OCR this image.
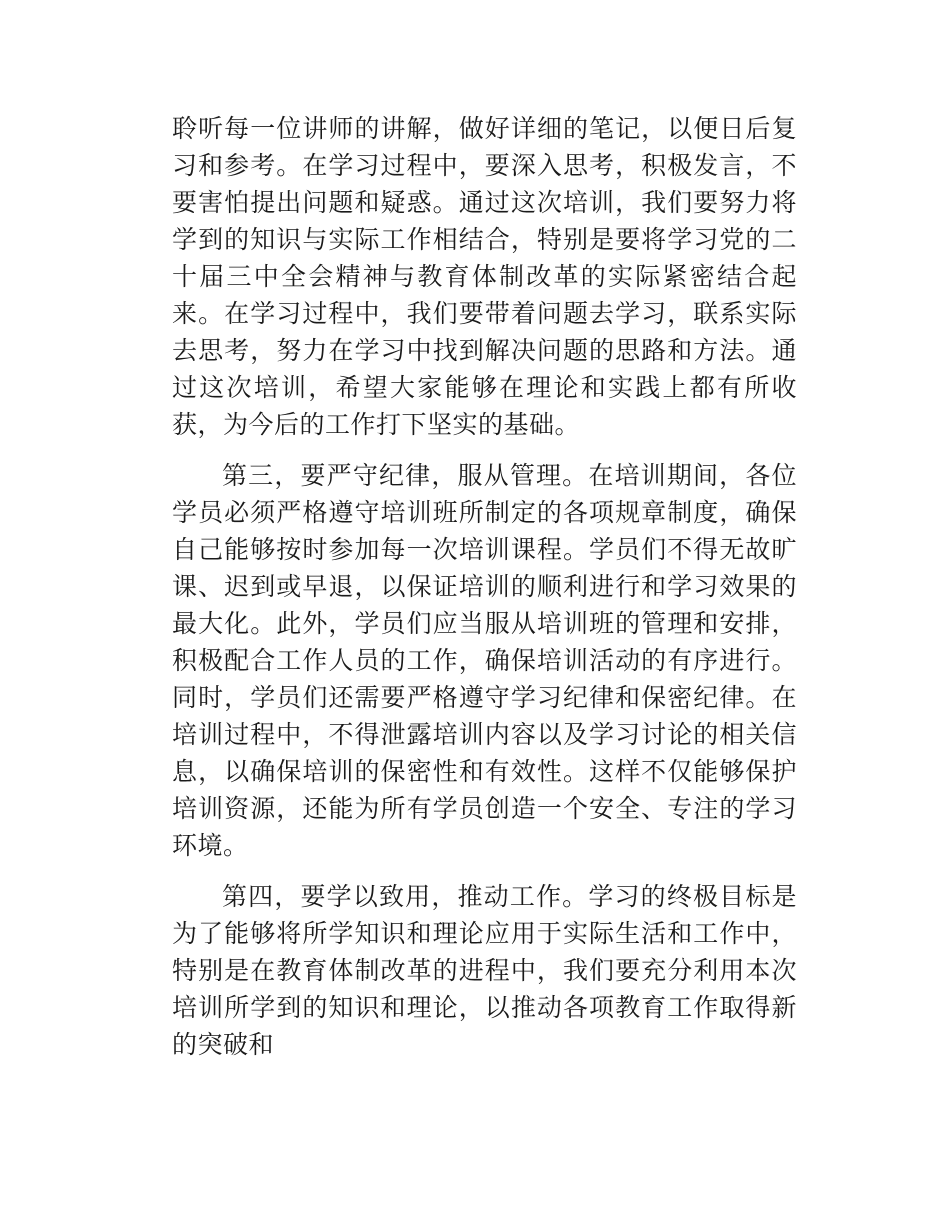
聆听每一位讲师的讲解，做好详细的笔记，以便日后复习和参考。在学习过程中，要深入思考，积极发言，不要害怕提出问题和疑惑。通过这次培训，我们要努力将学到的知识与实际工作相结合，特别是要将学习党的二十届三中全会精神与教育体制改革的实际紧密结合起来。在学习过程中，我们要带着问题去学习，联系实际去思考，努力在学习中找到解决问题的思路和方法。通过这次培训，希望大家能够在理论和实践上都有所收获，为今后的工作打下坚实的基础。

第三，要严守纪律，服从管理。在培训期间，各位学员必须严格遵守培训班所制定的各项规章制度，确保自己能够按时参加每一次培训课程。学员们不得无故旷课、迟到或早退，以保证培训的顺利进行和学习效果的最大化。此外，学员们应当服从培训班的管理和安排，积极配合工作人员的工作，确保培训活动的有序进行。同时，学员们还需要严格遵守学习纪律和保密纪律。在培训过程中，不得泄露培训内容以及学习讨论的相关信息，以确保培训的保密性和有效性。这样不仅能够保护培训资源，还能为所有学员创造一个安全、专注的学习环境。

第四，要学以致用，推动工作。学习的终极目标是为了能够将所学知识和理论应用于实际生活和工作中，特别是在教育体制改革的进程中，我们要充分利用本次培训所学到的知识和理论，以推动各项教育工作取得新的突破和
